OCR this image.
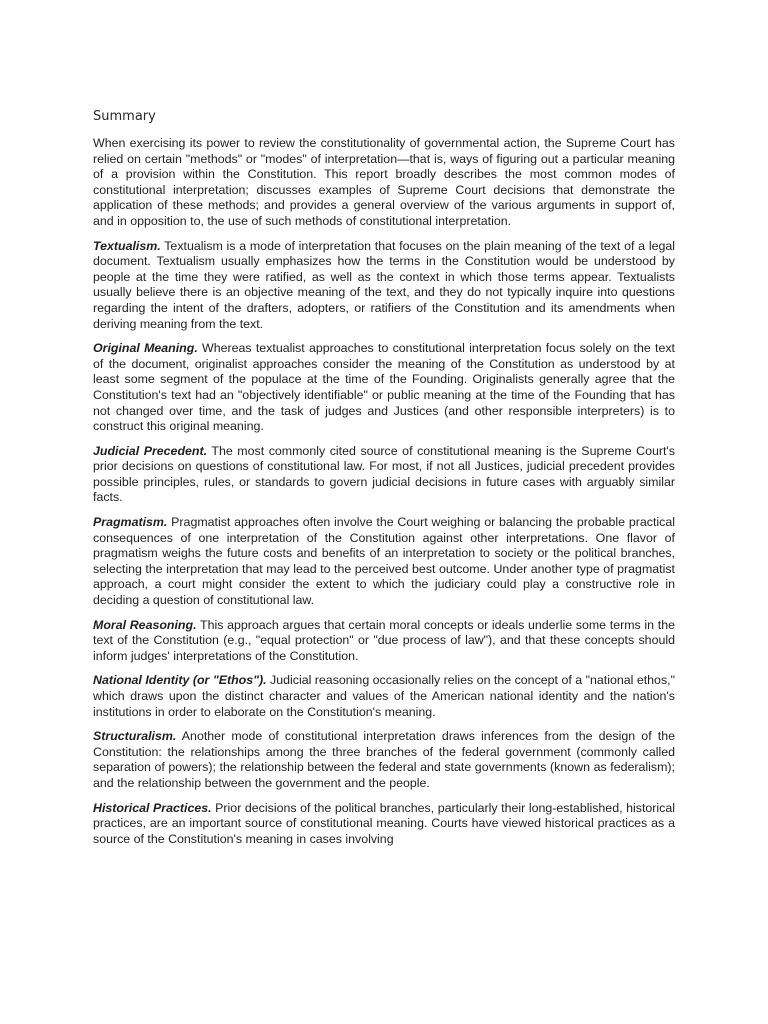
Summary

When exercising its power to review the constitutionality of governmental action, the Supreme Court has relied on certain "methods" or "modes" of interpretation—that is, ways of figuring out a particular meaning of a provision within the Constitution. This report broadly describes the most common modes of constitutional interpretation; discusses examples of Supreme Court decisions that demonstrate the application of these methods; and provides a general overview of the various arguments in support of, and in opposition to, the use of such methods of constitutional interpretation.

Textualism. Textualism is a mode of interpretation that focuses on the plain meaning of the text of a legal document. Textualism usually emphasizes how the terms in the Constitution would be understood by people at the time they were ratified, as well as the context in which those terms appear. Textualists usually believe there is an objective meaning of the text, and they do not typically inquire into questions regarding the intent of the drafters, adopters, or ratifiers of the Constitution and its amendments when deriving meaning from the text.

Original Meaning. Whereas textualist approaches to constitutional interpretation focus solely on the text of the document, originalist approaches consider the meaning of the Constitution as understood by at least some segment of the populace at the time of the Founding. Originalists generally agree that the Constitution's text had an "objectively identifiable" or public meaning at the time of the Founding that has not changed over time, and the task of judges and Justices (and other responsible interpreters) is to construct this original meaning.

Judicial Precedent. The most commonly cited source of constitutional meaning is the Supreme Court's prior decisions on questions of constitutional law. For most, if not all Justices, judicial precedent provides possible principles, rules, or standards to govern judicial decisions in future cases with arguably similar facts.

Pragmatism. Pragmatist approaches often involve the Court weighing or balancing the probable practical consequences of one interpretation of the Constitution against other interpretations. One flavor of pragmatism weighs the future costs and benefits of an interpretation to society or the political branches, selecting the interpretation that may lead to the perceived best outcome. Under another type of pragmatist approach, a court might consider the extent to which the judiciary could play a constructive role in deciding a question of constitutional law.

Moral Reasoning. This approach argues that certain moral concepts or ideals underlie some terms in the text of the Constitution (e.g., "equal protection" or "due process of law"), and that these concepts should inform judges' interpretations of the Constitution.

National Identity (or "Ethos"). Judicial reasoning occasionally relies on the concept of a "national ethos," which draws upon the distinct character and values of the American national identity and the nation's institutions in order to elaborate on the Constitution's meaning.

Structuralism. Another mode of constitutional interpretation draws inferences from the design of the Constitution: the relationships among the three branches of the federal government (commonly called separation of powers); the relationship between the federal and state governments (known as federalism); and the relationship between the government and the people.

Historical Practices. Prior decisions of the political branches, particularly their long-established, historical practices, are an important source of constitutional meaning. Courts have viewed historical practices as a source of the Constitution's meaning in cases involving
